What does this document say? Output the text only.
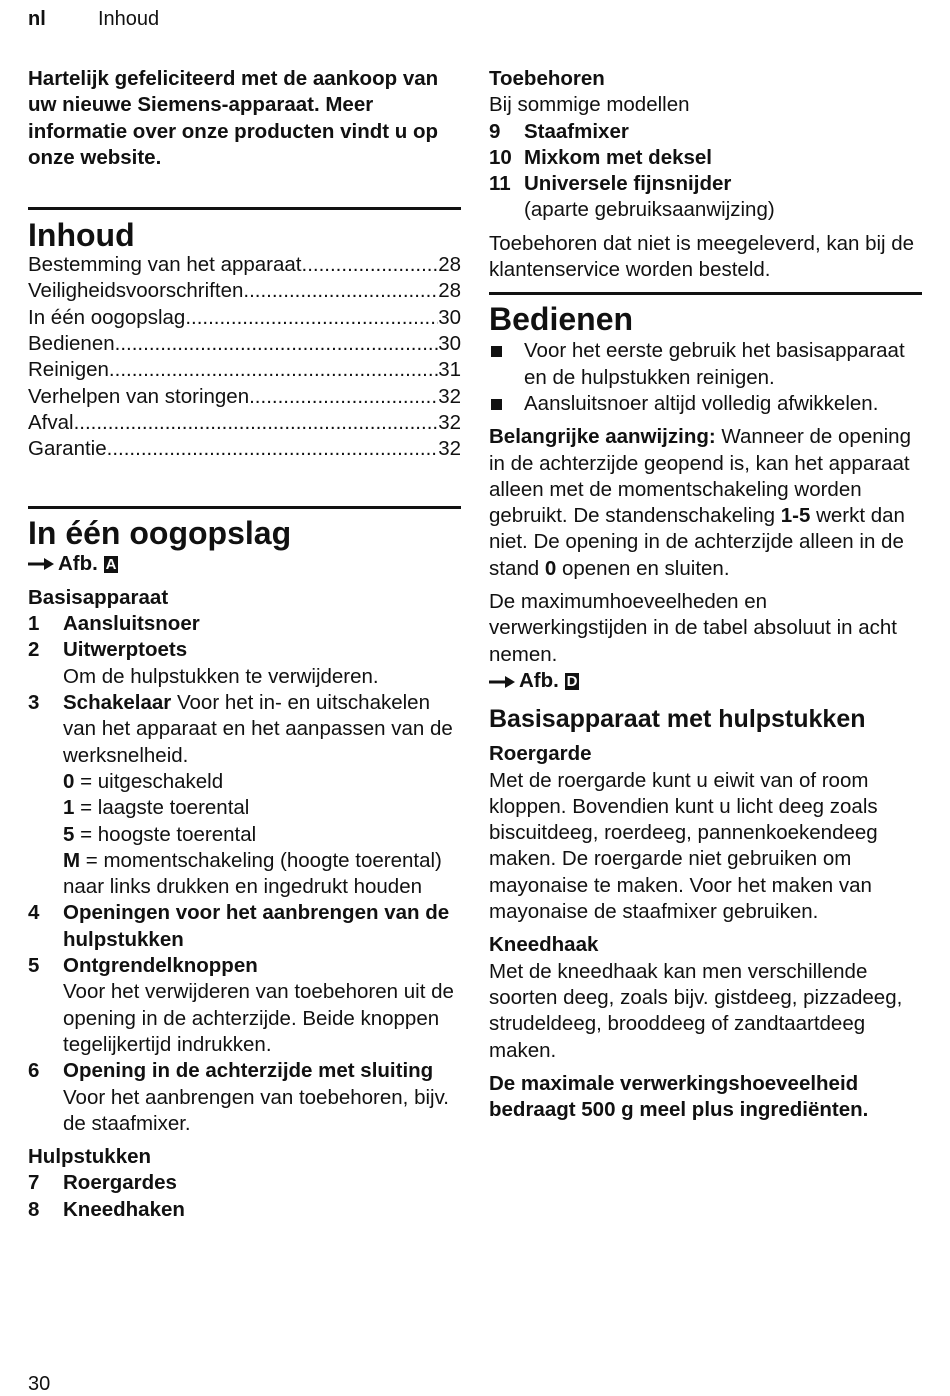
nl	Inhoud

Hartelijk gefeliciteerd met de aankoop van uw nieuwe Siemens-apparaat. Meer informatie over onze producten vindt u op onze website.

Inhoud
Bestemming van het apparaat .....	28
Veiligheidsvoorschriften .....	28
In één oogopslag .....	30
Bedienen .....	30
Reinigen .....	31
Verhelpen van storingen .....	32
Afval .....	32
Garantie .....	32
In één oogopslag
Afb. A
Basisapparaat
1	Aansluitsnoer
2	Uitwerptoets
Om de hulpstukken te verwijderen.
3	Schakelaar Voor het in- en uitschakelen van het apparaat en het aanpassen van de werksnelheid.
0 = uitgeschakeld
1 = laagste toerental
5 = hoogste toerental
M = momentschakeling (hoogte toerental) naar links drukken en ingedrukt houden
4	Openingen voor het aanbrengen van de hulpstukken
5	Ontgrendelknoppen
Voor het verwijderen van toebehoren uit de opening in de achterzijde. Beide knoppen tegelijkertijd indrukken.
6	Opening in de achterzijde met sluiting
Voor het aanbrengen van toebehoren, bijv. de staafmixer.
Hulpstukken
7	Roergardes
8	Kneedhaken
Toebehoren
Bij sommige modellen
9	Staafmixer
10 Mixkom met deksel
11 Universele fijnsnijder
(aparte gebruiksaanwijzing)

Toebehoren dat niet is meegeleverd, kan bij de klantenservice worden besteld.

Bedienen
Voor het eerste gebruik het basisapparaat en de hulpstukken reinigen.
Aansluitsnoer altijd volledig afwikkelen.

Belangrijke aanwijzing: Wanneer de opening in de achterzijde geopend is, kan het apparaat alleen met de momentschakeling worden gebruikt. De standenschakeling 1-5 werkt dan niet. De opening in de achterzijde alleen in de stand 0 openen en sluiten.

De maximumhoeveelheden en verwerkingstijden in de tabel absoluut in acht nemen.

Afb. D
Basisapparaat met hulpstukken
Roergarde

Met de roergarde kunt u eiwit van of room kloppen. Bovendien kunt u licht deeg zoals biscuitdeeg, roerdeeg, pannenkoekendeeg maken. De roergarde niet gebruiken om mayonaise te maken. Voor het maken van mayonaise de staafmixer gebruiken.

Kneedhaak

Met de kneedhaak kan men verschillende soorten deeg, zoals bijv. gistdeeg, pizzadeeg, strudeldeeg, brooddeeg of zandtaartdeeg maken.

De maximale verwerkingshoeveelheid bedraagt 500 g meel plus ingrediënten.

30
